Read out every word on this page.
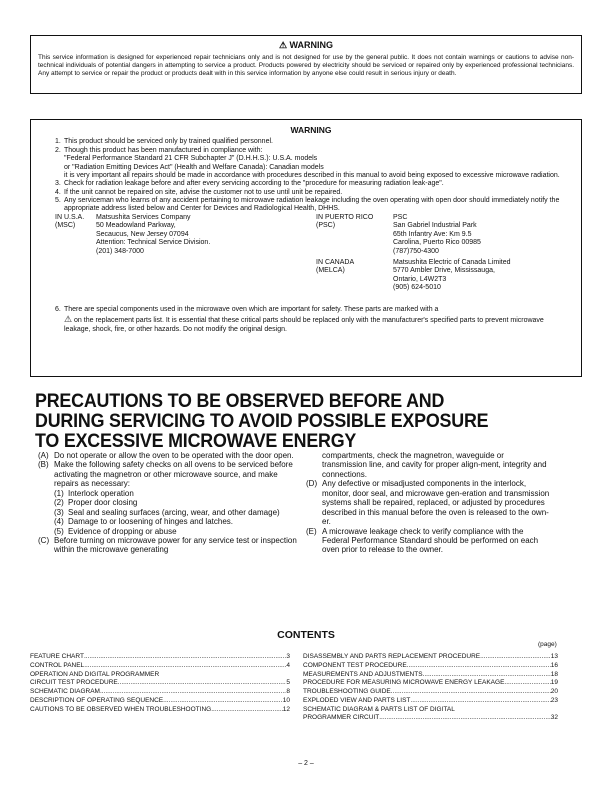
⚠ WARNING

This service information is designed for experienced repair technicians only and is not designed for use by the general public. It does not contain warnings or cautions to advise non-technical individuals of potential dangers in attempting to service a product. Products powered by electricity should be serviced or repaired only by experienced professional technicians. Any attempt to service or repair the product or products dealt with in this service information by anyone else could result in serious injury or death.

WARNING
1. This product should be serviced only by trained qualified personnel.
2. Though this product has been manufactured in compliance with:
"Federal Performance Standard 21 CFR Subchapter J" (D.H.H.S.): U.S.A. models
or "Radiation Emitting Devices Act" (Health and Welfare Canada): Canadian models
it is very important all repairs should be made in accordance with procedures described in this manual to avoid being exposed to excessive microwave radiation.
3. Check for radiation leakage before and after every servicing according to the "procedure for measuring radiation leak-age".
4. If the unit cannot be repaired on site, advise the customer not to use until unit be repaired.
5. Any serviceman who learns of any accident pertaining to microwave radiation leakage including the oven operating with open door should immediately notify the appropriate address listed below and Center for Devices and Radiological Health, DHHS.
IN U.S.A.
(MSC)
Matsushita Services Company
50 Meadowland Parkway,
Secaucus, New Jersey 07094
Attention: Technical Service Division.
(201) 348-7000
IN PUERTO RICO
(PSC)
PSC
San Gabriel Industrial Park
65th Infantry Ave: Km 9.5
Carolina, Puerto Rico 00985
(787)750-4300
IN CANADA
(MELCA)
Matsushita Electric of Canada Limited
5770 Ambler Drive, Mississauga,
Ontario, L4W2T3
(905) 624-5010
6. There are special components used in the microwave oven which are important for safety. These parts are marked with a
⚠ on the replacement parts list. It is essential that these critical parts should be replaced only with the manufacturer's specified parts to prevent microwave leakage, shock, fire, or other hazards. Do not modify the original design.
PRECAUTIONS TO BE OBSERVED BEFORE AND
DURING SERVICING TO AVOID POSSIBLE EXPOSURE
TO EXCESSIVE MICROWAVE ENERGY
(A) Do not operate or allow the oven to be operated with the door open.
(B) Make the following safety checks on all ovens to be serviced before activating the magnetron or other microwave source, and make repairs as necessary:
(1) Interlock operation
(2) Proper door closing
(3) Seal and sealing surfaces (arcing, wear, and other damage)
(4) Damage to or loosening of hinges and latches.
(5) Evidence of dropping or abuse
(C) Before turning on microwave power for any service test or inspection within the microwave generating
compartments, check the magnetron, waveguide or transmission line, and cavity for proper align-ment, integrity and connections.
(D) Any defective or misadjusted components in the interlock, monitor, door seal, and microwave gen-eration and transmission systems shall be repaired, replaced, or adjusted by procedures described in this manual before the oven is released to the own-er.
(E) A microwave leakage check to verify compliance with the Federal Performance Standard should be performed on each oven prior to release to the owner.
CONTENTS
(page)
FEATURE CHART .....	3
CONTROL PANEL .....	4
OPERATION AND DIGITAL PROGRAMMER
CIRCUIT TEST PROCEDURE .....	5
SCHEMATIC DIAGRAM .....	8
DESCRIPTION OF OPERATING SEQUENCE .....	10
CAUTIONS TO BE OBSERVED WHEN TROUBLESHOOTING .....	12
DISASSEMBLY AND PARTS REPLACEMENT PROCEDURE .....	13
COMPONENT TEST PROCEDURE .....	16
MEASUREMENTS AND ADJUSTMENTS .....	18
PROCEDURE FOR MEASURING MICROWAVE ENERGY LEAKAGE .....	19
TROUBLESHOOTING GUIDE .....	20
EXPLODED VIEW AND PARTS LIST .....	23
SCHEMATIC DIAGRAM & PARTS LIST OF DIGITAL
PROGRAMMER CIRCUIT .....	32
– 2 –
